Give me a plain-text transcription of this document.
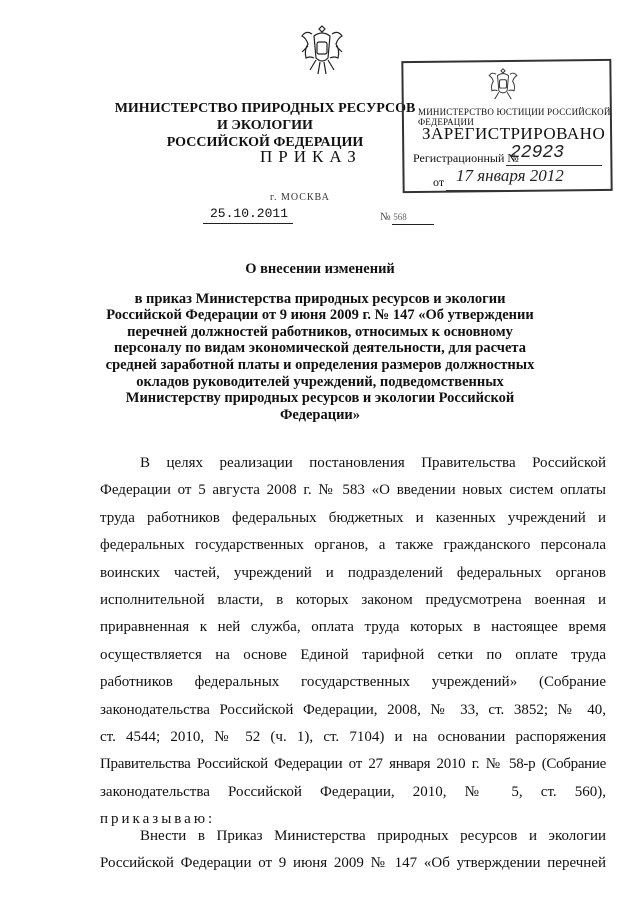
МИНИСТЕРСТВО ПРИРОДНЫХ РЕСУРСОВ И ЭКОЛОГИИ
РОССИЙСКОЙ ФЕДЕРАЦИИ
ПРИКАЗ
г. МОСКВА
25.10.2011	№ 568
МИНИСТЕРСТВО ЮСТИЦИИ РОССИЙСКОЙ ФЕДЕРАЦИИ
ЗАРЕГИСТРИРОВАНО
Регистрационный №
22923
от 17 января 2012
О внесении изменений
в приказ Министерства природных ресурсов и экологии Российской Федерации от 9 июня 2009 г. № 147 «Об утверждении перечней должностей работников, относимых к основному персоналу по видам экономической деятельности, для расчета средней заработной платы и определения размеров должностных окладов руководителей учреждений, подведомственных Министерству природных ресурсов и экологии Российской Федерации»
В целях реализации постановления Правительства Российской
Федерации от 5 августа 2008 г. № 583 «О введении новых систем оплаты
труда работников федеральных бюджетных и казенных учреждений и
федеральных государственных органов, а также гражданского персонала
воинских частей, учреждений и подразделений федеральных органов
исполнительной власти, в которых законом предусмотрена военная и
приравненная к ней служба, оплата труда которых в настоящее время
осуществляется на основе Единой тарифной сетки по оплате труда
работников федеральных государственных учреждений» (Собрание
законодательства Российской Федерации, 2008, № 33, ст. 3852; № 40,
ст. 4544; 2010, № 52 (ч. 1), ст. 7104) и на основании распоряжения
Правительства Российской Федерации от 27 января 2010 г. № 58-р (Собрание
законодательства Российской Федерации, 2010, № 5, ст. 560),
приказываю:
Внести в Приказ Министерства природных ресурсов и экологии
Российской Федерации от 9 июня 2009 № 147 «Об утверждении перечней
